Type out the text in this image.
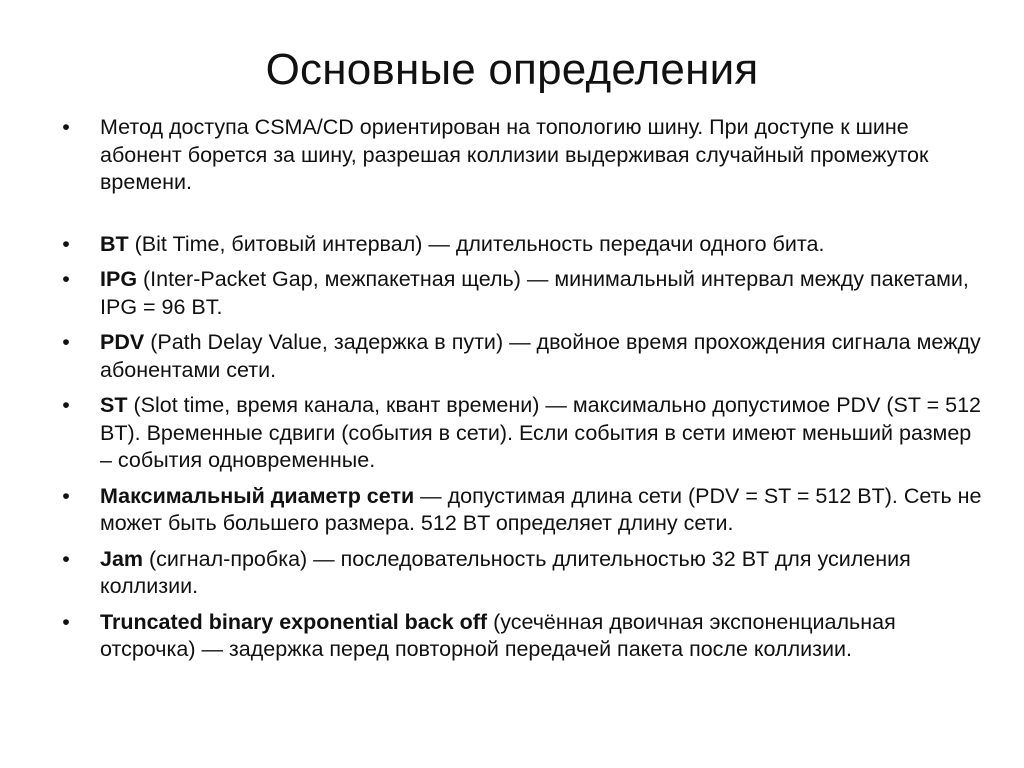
Основные определения
• Метод доступа CSMA/CD ориентирован на топологию шину. При доступе к шине абонент борется за шину, разрешая коллизии выдерживая случайный промежуток времени.
• BT (Bit Time, битовый интервал) — длительность передачи одного бита.
• IPG (Inter-Packet Gap, межпакетная щель) — минимальный интервал между пакетами, IPG = 96 BT.
• PDV (Path Delay Value, задержка в пути) — двойное время прохождения сигнала между абонентами сети.
• ST (Slot time, время канала, квант времени) — максимально допустимое PDV (ST = 512 BT). Временные сдвиги (события в сети). Если события в сети имеют меньший размер – события одновременные.
• Максимальный диаметр сети — допустимая длина сети (PDV = ST = 512 BT). Сеть не может быть большего размера. 512 BT определяет длину сети.
• Jam (сигнал-пробка) — последовательность длительностью 32 BT для усиления коллизии.
• Truncated binary exponential back off (усечённая двоичная экспоненциальная     отсрочка) — задержка перед повторной передачей пакета после коллизии.
